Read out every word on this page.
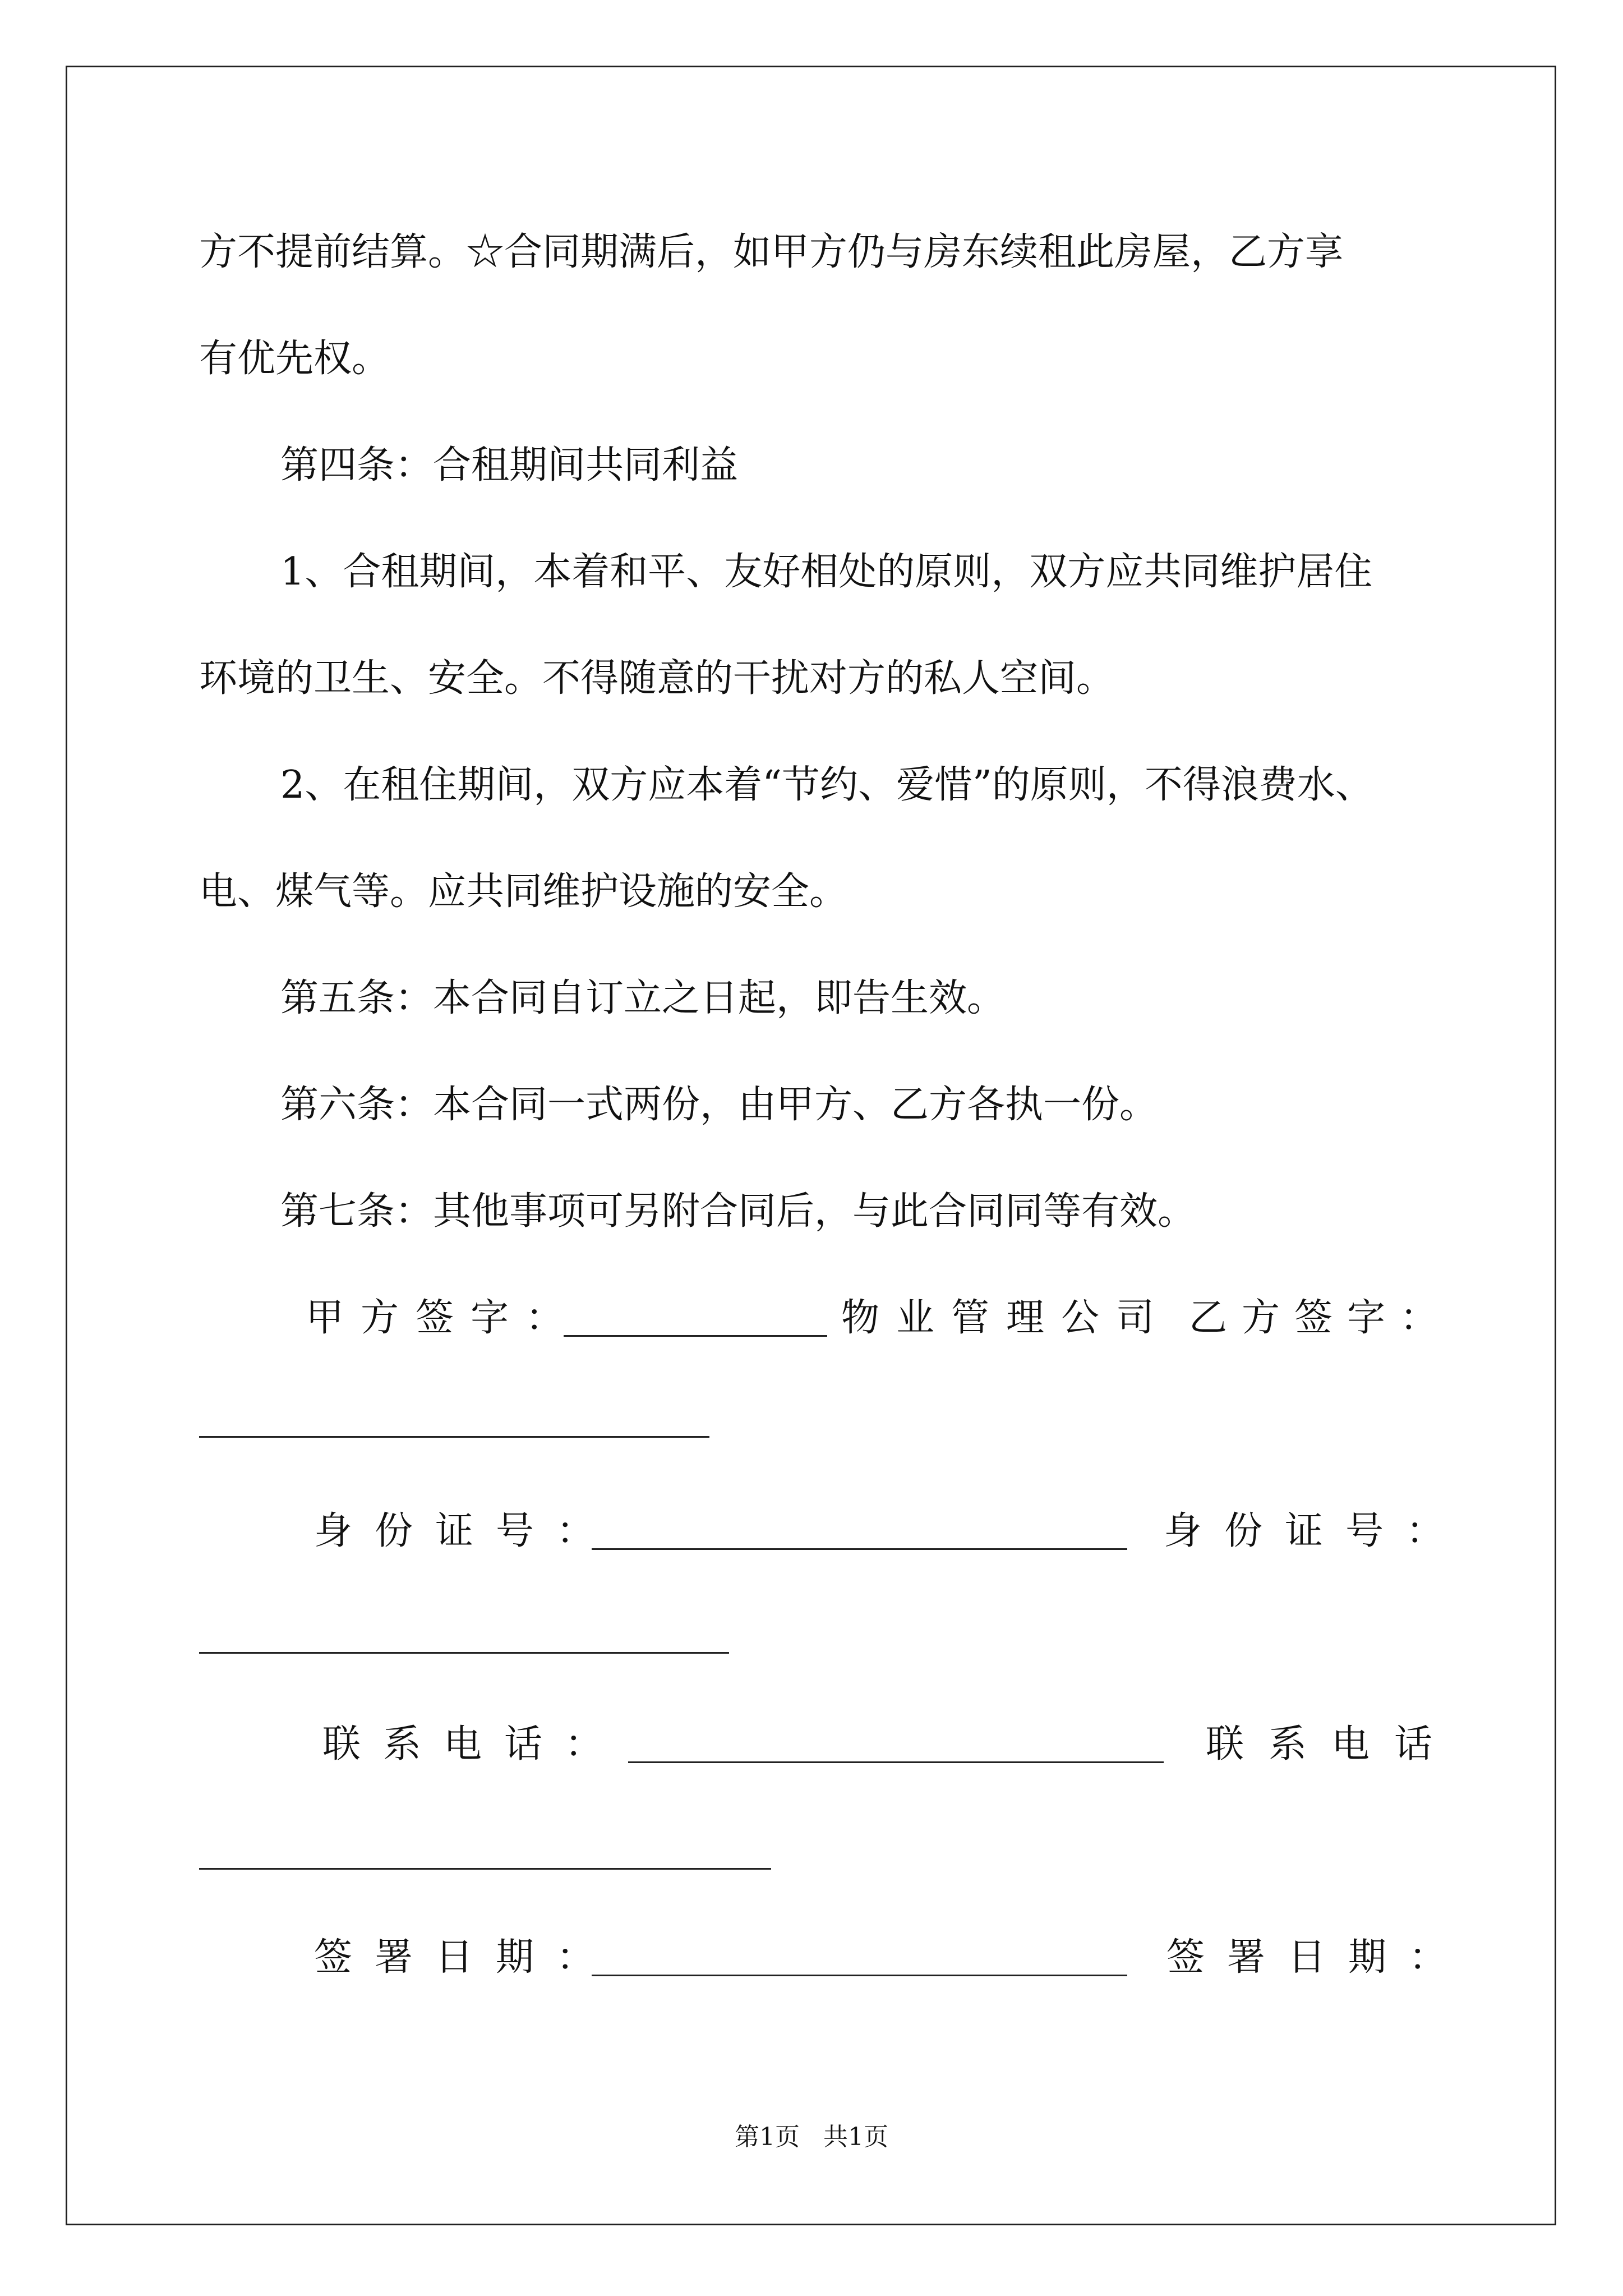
方不提前结算。☆合同期满后，如甲方仍与房东续租此房屋，乙方享
有优先权。
第四条：合租期间共同利益
1、合租期间，本着和平、友好相处的原则，双方应共同维护居住
环境的卫生、安全。不得随意的干扰对方的私人空间。
2、在租住期间，双方应本着“节约、爱惜”的原则，不得浪费水、
电、煤气等。应共同维护设施的安全。
第五条：本合同自订立之日起，即告生效。
第六条：本合同一式两份，由甲方、乙方各执一份。
第七条：其他事项可另附合同后，与此合同同等有效。
甲方签字：	物业管理公司 乙方签字：
身份证号：	身份证号：
联系电话：	联系电话
签署日期：	签署日期：
第1页   共1页
